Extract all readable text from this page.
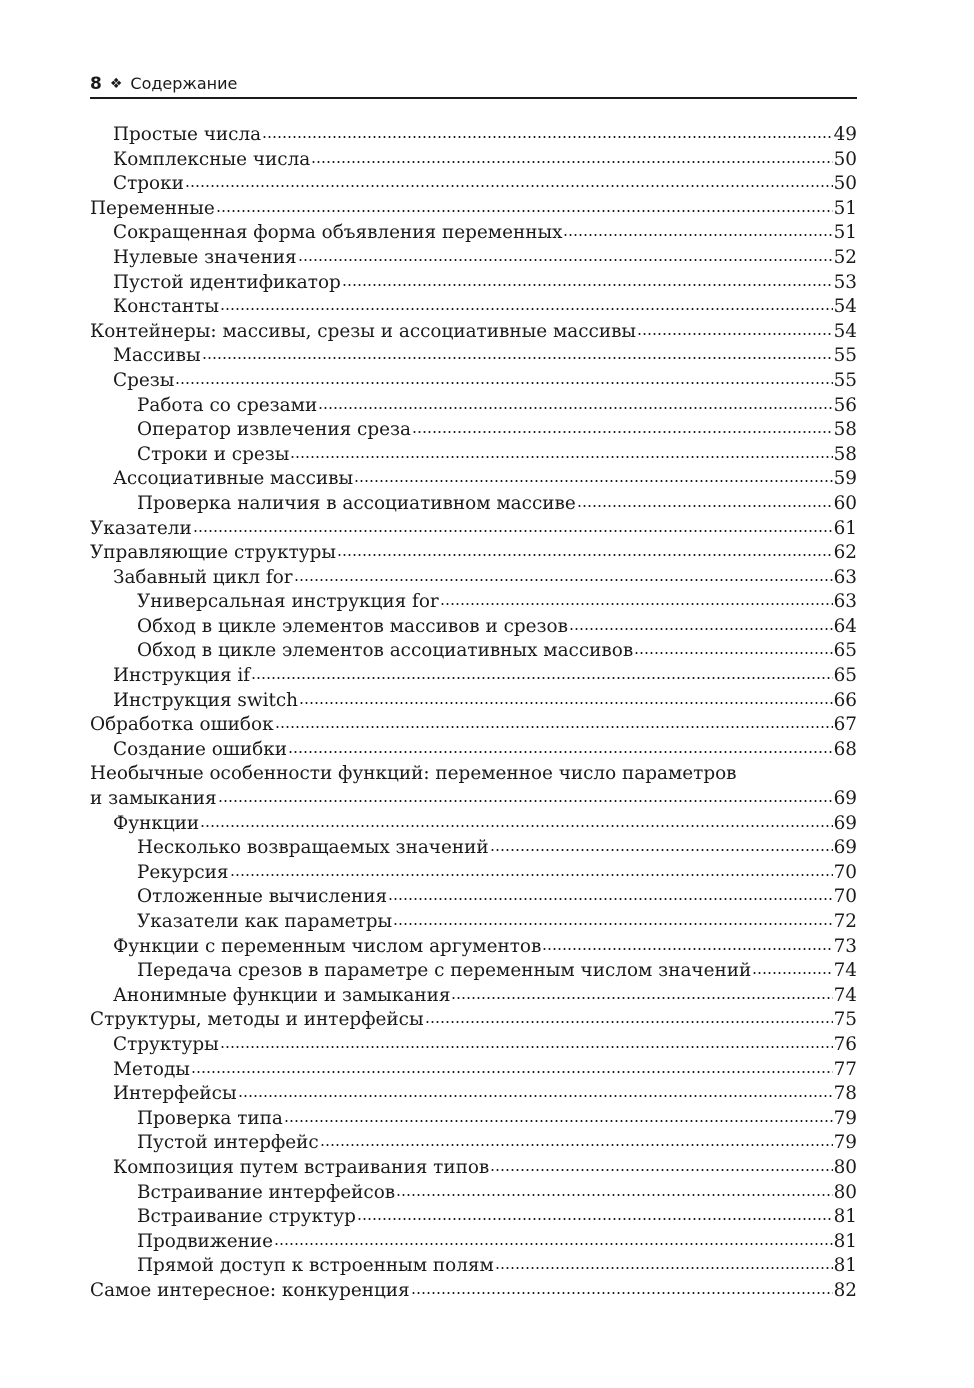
8 ❖ Содержание
Простые числа	49
Комплексные числа	50
Строки	50
Переменные	51
Сокращенная форма объявления переменных	51
Нулевые значения	52
Пустой идентификатор	53
Константы	54
Контейнеры: массивы, срезы и ассоциативные массивы	54
Массивы	55
Срезы	55
Работа со срезами	56
Оператор извлечения среза	58
Строки и срезы	58
Ассоциативные массивы	59
Проверка наличия в ассоциативном массиве	60
Указатели	61
Управляющие структуры	62
Забавный цикл for	63
Универсальная инструкция for	63
Обход в цикле элементов массивов и срезов	64
Обход в цикле элементов ассоциативных массивов	65
Инструкция if	65
Инструкция switch	66
Обработка ошибок	67
Создание ошибки	68
Необычные особенности функций: переменное число параметров
и замыкания	69
Функции	69
Несколько возвращаемых значений	69
Рекурсия	70
Отложенные вычисления	70
Указатели как параметры	72
Функции с переменным числом аргументов	73
Передача срезов в параметре с переменным числом значений	74
Анонимные функции и замыкания	74
Структуры, методы и интерфейсы	75
Структуры	76
Методы	77
Интерфейсы	78
Проверка типа	79
Пустой интерфейс	79
Композиция путем встраивания типов	80
Встраивание интерфейсов	80
Встраивание структур	81
Продвижение	81
Прямой доступ к встроенным полям	81
Самое интересное: конкуренция	82
